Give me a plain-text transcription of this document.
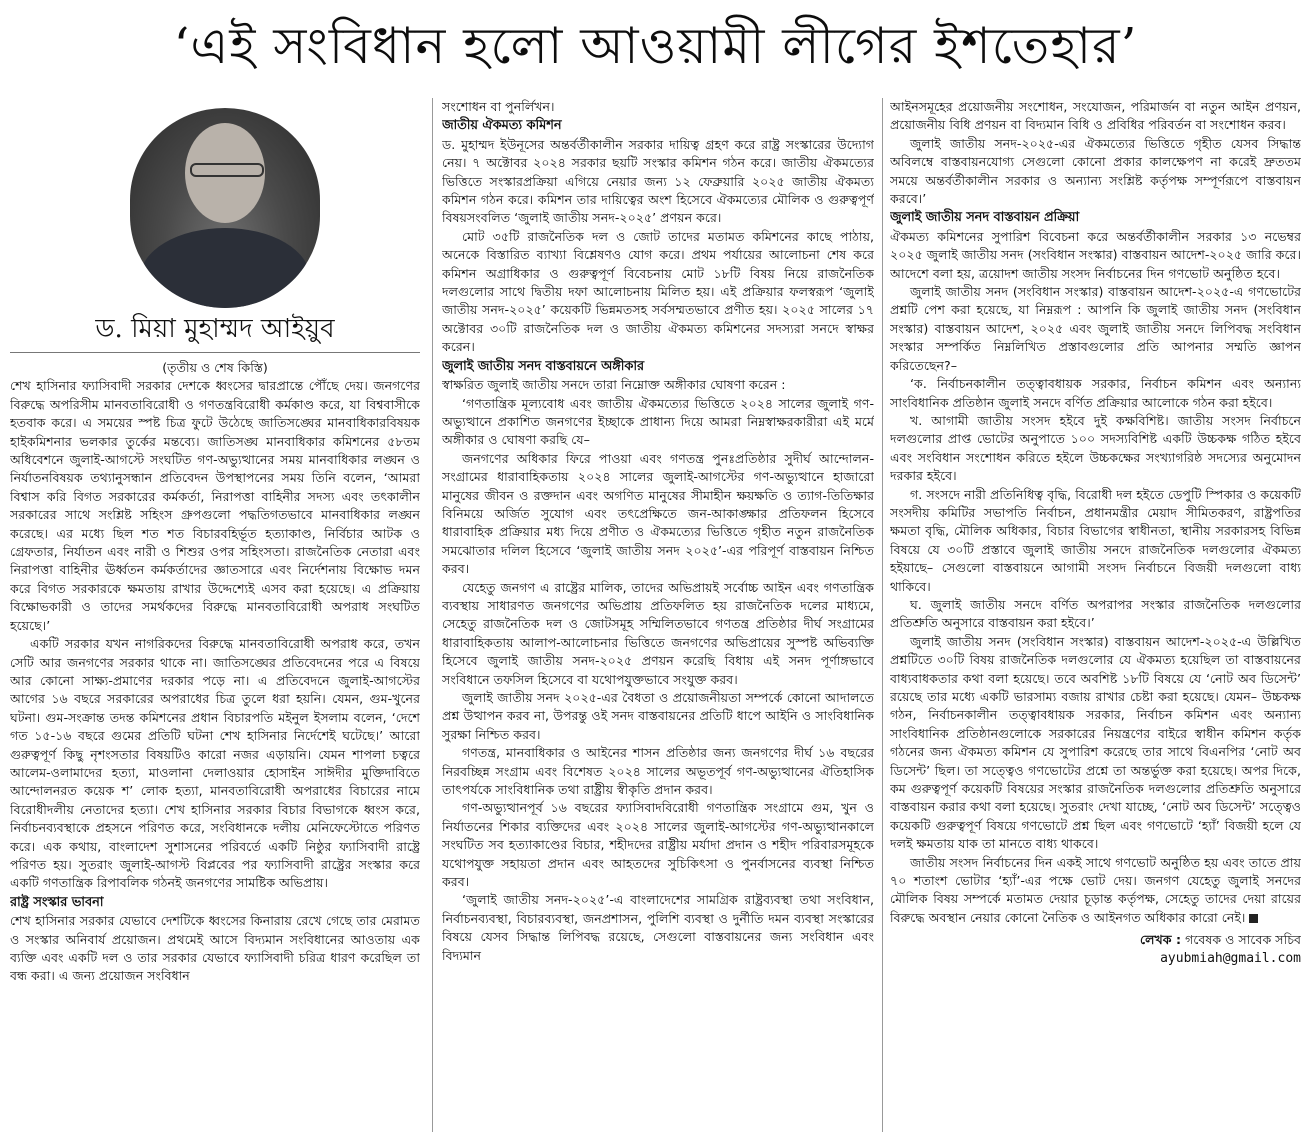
‘এই সংবিধান হলো আওয়ামী লীগের ইশতেহার’
ড. মিয়া মুহাম্মদ আইয়ুব
(তৃতীয় ও শেষ কিস্তি)

শেখ হাসিনার ফ্যাসিবাদী সরকার দেশকে ধ্বংসের দ্বারপ্রান্তে পৌঁছে দেয়। জনগণের বিরুদ্ধে অপরিসীম মানবতাবিরোধী ও গণতন্ত্রবিরোধী কর্মকাণ্ড করে, যা বিশ্ববাসীকে হতবাক করে। এ সময়ের স্পষ্ট চিত্র ফুটে উঠেছে জাতিসঙ্ঘের মানবাধিকারবিষয়ক হাইকমিশনার ভলকার তুর্কের মন্তব্যে। জাতিসঙ্ঘ মানবাধিকার কমিশনের ৫৮তম অধিবেশনে জুলাই-আগস্টে সংঘটিত গণ-অভ্যুত্থানের সময় মানবাধিকার লঙ্ঘন ও নির্যাতনবিষয়ক তথ্যানুসন্ধান প্রতিবেদন উপস্থাপনের সময় তিনি বলেন, ‘আমরা বিশ্বাস করি বিগত সরকারের কর্মকর্তা, নিরাপত্তা বাহিনীর সদস্য এবং তৎকালীন সরকারের সাথে সংশ্লিষ্ট সহিংস গ্রুপগুলো পদ্ধতিগতভাবে মানবাধিকার লঙ্ঘন করেছে। এর মধ্যে ছিল শত শত বিচারবহির্ভূত হত্যাকাণ্ড, নির্বিচার আটক ও গ্রেফতার, নির্যাতন এবং নারী ও শিশুর ওপর সহিংসতা। রাজনৈতিক নেতারা এবং নিরাপত্তা বাহিনীর ঊর্ধ্বতন কর্মকর্তাদের জ্ঞাতসারে এবং নির্দেশনায় বিক্ষোভ দমন করে বিগত সরকারকে ক্ষমতায় রাখার উদ্দেশ্যেই এসব করা হয়েছে। এ প্রক্রিয়ায় বিক্ষোভকারী ও তাদের সমর্থকদের বিরুদ্ধে মানবতাবিরোধী অপরাধ সংঘটিত হয়েছে।’

একটি সরকার যখন নাগরিকদের বিরুদ্ধে মানবতাবিরোধী অপরাধ করে, তখন সেটি আর জনগণের সরকার থাকে না। জাতিসঙ্ঘের প্রতিবেদনের পরে এ বিষয়ে আর কোনো সাক্ষ্য-প্রমাণের দরকার পড়ে না। এ প্রতিবেদনে জুলাই-আগস্টের আগের ১৬ বছরে সরকারের অপরাধের চিত্র তুলে ধরা হয়নি। যেমন, গুম-খুনের ঘটনা। গুম-সংক্রান্ত তদন্ত কমিশনের প্রধান বিচারপতি মইনুল ইসলাম বলেন, ‘দেশে গত ১৫-১৬ বছরে গুমের প্রতিটি ঘটনা শেখ হাসিনার নির্দেশেই ঘটেছে।’ আরো গুরুত্বপূর্ণ কিছু নৃশংসতার বিষয়টিও কারো নজর এড়ায়নি। যেমন শাপলা চত্বরে আলেম-ওলামাদের হত্যা, মাওলানা দেলাওয়ার হোসাইন সাঈদীর মুক্তিদাবিতে আন্দোলনরত কয়েক শ’ লোক হত্যা, মানবতাবিরোধী অপরাধের বিচারের নামে বিরোধীদলীয় নেতাদের হত্যা। শেখ হাসিনার সরকার বিচার বিভাগকে ধ্বংস করে, নির্বাচনব্যবস্থাকে প্রহসনে পরিণত করে, সংবিধানকে দলীয় মেনিফেস্টোতে পরিণত করে। এক কথায়, বাংলাদেশ সুশাসনের পরিবর্তে একটি নিষ্ঠুর ফ্যাসিবাদী রাষ্ট্রে পরিণত হয়। সুতরাং জুলাই-আগস্ট বিপ্লবের পর ফ্যাসিবাদী রাষ্ট্রের সংস্কার করে একটি গণতান্ত্রিক রিপাবলিক গঠনই জনগণের সামষ্টিক অভিপ্রায়।

রাষ্ট্র সংস্কার ভাবনা

শেখ হাসিনার সরকার যেভাবে দেশটিকে ধ্বংসের কিনারায় রেখে গেছে তার মেরামত ও সংস্কার অনিবার্য প্রয়োজন। প্রথমেই আসে বিদ্যমান সংবিধানের আওতায় এক ব্যক্তি এবং একটি দল ও তার সরকার যেভাবে ফ্যাসিবাদী চরিত্র ধারণ করেছিল তা বন্ধ করা। এ জন্য প্রয়োজন সংবিধান

সংশোধন বা পুনর্লিখন।

জাতীয় ঐকমত্য কমিশন

ড. মুহাম্মদ ইউনূসের অন্তর্বর্তীকালীন সরকার দায়িত্ব গ্রহণ করে রাষ্ট্র সংস্কারের উদ্যোগ নেয়। ৭ অক্টোবর ২০২৪ সরকার ছয়টি সংস্কার কমিশন গঠন করে। জাতীয় ঐকমত্যের ভিত্তিতে সংস্কারপ্রক্রিয়া এগিয়ে নেয়ার জন্য ১২ ফেব্রুয়ারি ২০২৫ জাতীয় ঐকমত্য কমিশন গঠন করে। কমিশন তার দায়িত্বের অংশ হিসেবে ঐকমত্যের মৌলিক ও গুরুত্বপূর্ণ বিষয়সংবলিত ‘জুলাই জাতীয় সনদ-২০২৫’ প্রণয়ন করে।

মোট ৩৫টি রাজনৈতিক দল ও জোট তাদের মতামত কমিশনের কাছে পাঠায়, অনেকে বিস্তারিত ব্যাখ্যা বিশ্লেষণও যোগ করে। প্রথম পর্যায়ের আলোচনা শেষ করে কমিশন অগ্রাধিকার ও গুরুত্বপূর্ণ বিবেচনায় মোট ১৮টি বিষয় নিয়ে রাজনৈতিক দলগুলোর সাথে দ্বিতীয় দফা আলোচনায় মিলিত হয়। এই প্রক্রিয়ার ফলস্বরূপ ‘জুলাই জাতীয় সনদ-২০২৫’ কয়েকটি ভিন্নমতসহ সর্বসম্মতভাবে প্রণীত হয়। ২০২৫ সালের ১৭ অক্টোবর ৩০টি রাজনৈতিক দল ও জাতীয় ঐকমত্য কমিশনের সদস্যরা সনদে স্বাক্ষর করেন।

জুলাই জাতীয় সনদ বাস্তবায়নে অঙ্গীকার

স্বাক্ষরিত জুলাই জাতীয় সনদে তারা নিম্নোক্ত অঙ্গীকার ঘোষণা করেন :

‘গণতান্ত্রিক মূল্যবোধ এবং জাতীয় ঐকমত্যের ভিত্তিতে ২০২৪ সালের জুলাই গণ-অভ্যুত্থানে প্রকাশিত জনগণের ইচ্ছাকে প্রাধান্য দিয়ে আমরা নিম্নস্বাক্ষরকারীরা এই মর্মে অঙ্গীকার ও ঘোষণা করছি যে–

জনগণের অধিকার ফিরে পাওয়া এবং গণতন্ত্র পুনঃপ্রতিষ্ঠার সুদীর্ঘ আন্দোলন-সংগ্রামের ধারাবাহিকতায় ২০২৪ সালের জুলাই-আগস্টের গণ-অভ্যুত্থানে হাজারো মানুষের জীবন ও রক্তদান এবং অগণিত মানুষের সীমাহীন ক্ষয়ক্ষতি ও ত্যাগ-তিতিক্ষার বিনিময়ে অর্জিত সুযোগ এবং তৎপ্রেক্ষিতে জন-আকাঙ্ক্ষার প্রতিফলন হিসেবে ধারাবাহিক প্রক্রিয়ার মধ্য দিয়ে প্রণীত ও ঐকমত্যের ভিত্তিতে গৃহীত নতুন রাজনৈতিক সমঝোতার দলিল হিসেবে ‘জুলাই জাতীয় সনদ ২০২৫’-এর পরিপূর্ণ বাস্তবায়ন নিশ্চিত করব।

যেহেতু জনগণ এ রাষ্ট্রের মালিক, তাদের অভিপ্রায়ই সর্বোচ্চ আইন এবং গণতান্ত্রিক ব্যবস্থায় সাধারণত জনগণের অভিপ্রায় প্রতিফলিত হয় রাজনৈতিক দলের মাধ্যমে, সেহেতু রাজনৈতিক দল ও জোটসমূহ সম্মিলিতভাবে গণতন্ত্র প্রতিষ্ঠার দীর্ঘ সংগ্রামের ধারাবাহিকতায় আলাপ-আলোচনার ভিত্তিতে জনগণের অভিপ্রায়ের সুস্পষ্ট অভিব্যক্তি হিসেবে জুলাই জাতীয় সনদ-২০২৫ প্রণয়ন করেছি বিধায় এই সনদ পূর্ণাঙ্গভাবে সংবিধানে তফসিল হিসেবে বা যথোপযুক্তভাবে সংযুক্ত করব।

জুলাই জাতীয় সনদ ২০২৫-এর বৈধতা ও প্রয়োজনীয়তা সম্পর্কে কোনো আদালতে প্রশ্ন উত্থাপন করব না, উপরন্তু ওই সনদ বাস্তবায়নের প্রতিটি ধাপে আইনি ও সাংবিধানিক সুরক্ষা নিশ্চিত করব।

গণতন্ত্র, মানবাধিকার ও আইনের শাসন প্রতিষ্ঠার জন্য জনগণের দীর্ঘ ১৬ বছরের নিরবচ্ছিন্ন সংগ্রাম এবং বিশেষত ২০২৪ সালের অভূতপূর্ব গণ-অভ্যুত্থানের ঐতিহাসিক তাৎপর্যকে সাংবিধানিক তথা রাষ্ট্রীয় স্বীকৃতি প্রদান করব।

গণ-অভ্যুত্থানপূর্ব ১৬ বছরের ফ্যাসিবাদবিরোধী গণতান্ত্রিক সংগ্রামে গুম, খুন ও নির্যাতনের শিকার ব্যক্তিদের এবং ২০২৪ সালের জুলাই-আগস্টের গণ-অভ্যুত্থানকালে সংঘটিত সব হত্যাকাণ্ডের বিচার, শহীদদের রাষ্ট্রীয় মর্যাদা প্রদান ও শহীদ পরিবারসমূহকে যথোপযুক্ত সহায়তা প্রদান এবং আহতদের সুচিকিৎসা ও পুনর্বাসনের ব্যবস্থা নিশ্চিত করব।

‘জুলাই জাতীয় সনদ-২০২৫’-এ বাংলাদেশের সামগ্রিক রাষ্ট্রব্যবস্থা তথা সংবিধান, নির্বাচনব্যবস্থা, বিচারব্যবস্থা, জনপ্রশাসন, পুলিশি ব্যবস্থা ও দুর্নীতি দমন ব্যবস্থা সংস্কারের বিষয়ে যেসব সিদ্ধান্ত লিপিবদ্ধ রয়েছে, সেগুলো বাস্তবায়নের জন্য সংবিধান এবং বিদ্যমান

আইনসমূহের প্রয়োজনীয় সংশোধন, সংযোজন, পরিমার্জন বা নতুন আইন প্রণয়ন, প্রয়োজনীয় বিধি প্রণয়ন বা বিদ্যমান বিধি ও প্রবিধির পরিবর্তন বা সংশোধন করব।

জুলাই জাতীয় সনদ-২০২৫-এর ঐকমত্যের ভিত্তিতে গৃহীত যেসব সিদ্ধান্ত অবিলম্বে বাস্তবায়নযোগ্য সেগুলো কোনো প্রকার কালক্ষেপণ না করেই দ্রুততম সময়ে অন্তর্বর্তীকালীন সরকার ও অন্যান্য সংশ্লিষ্ট কর্তৃপক্ষ সম্পূর্ণরূপে বাস্তবায়ন করবে।’

জুলাই জাতীয় সনদ বাস্তবায়ন প্রক্রিয়া

ঐকমত্য কমিশনের সুপারিশ বিবেচনা করে অন্তর্বর্তীকালীন সরকার ১৩ নভেম্বর ২০২৫ জুলাই জাতীয় সনদ (সংবিধান সংস্কার) বাস্তবায়ন আদেশ-২০২৫ জারি করে। আদেশে বলা হয়, ত্রয়োদশ জাতীয় সংসদ নির্বাচনের দিন গণভোট অনুষ্ঠিত হবে।

জুলাই জাতীয় সনদ (সংবিধান সংস্কার) বাস্তবায়ন আদেশ-২০২৫-এ গণভোটের প্রশ্নটি পেশ করা হয়েছে, যা নিম্নরূপ : আপনি কি জুলাই জাতীয় সনদ (সংবিধান সংস্কার) বাস্তবায়ন আদেশ, ২০২৫ এবং জুলাই জাতীয় সনদে লিপিবদ্ধ সংবিধান সংস্কার সম্পর্কিত নিম্নলিখিত প্রস্তাবগুলোর প্রতি আপনার সম্মতি জ্ঞাপন করিতেছেন?–

‘ক. নির্বাচনকালীন তত্ত্বাবধায়ক সরকার, নির্বাচন কমিশন এবং অন্যান্য সাংবিধানিক প্রতিষ্ঠান জুলাই সনদে বর্ণিত প্রক্রিয়ার আলোকে গঠন করা হইবে।

খ. আগামী জাতীয় সংসদ হইবে দুই কক্ষবিশিষ্ট। জাতীয় সংসদ নির্বাচনে দলগুলোর প্রাপ্ত ভোটের অনুপাতে ১০০ সদস্যবিশিষ্ট একটি উচ্চকক্ষ গঠিত হইবে এবং সংবিধান সংশোধন করিতে হইলে উচ্চকক্ষের সংখ্যাগরিষ্ঠ সদস্যের অনুমোদন দরকার হইবে।

গ. সংসদে নারী প্রতিনিধিত্ব বৃদ্ধি, বিরোধী দল হইতে ডেপুটি স্পিকার ও কয়েকটি সংসদীয় কমিটির সভাপতি নির্বাচন, প্রধানমন্ত্রীর মেয়াদ সীমিতকরণ, রাষ্ট্রপতির ক্ষমতা বৃদ্ধি, মৌলিক অধিকার, বিচার বিভাগের স্বাধীনতা, স্থানীয় সরকারসহ বিভিন্ন বিষয়ে যে ৩০টি প্রস্তাবে জুলাই জাতীয় সনদে রাজনৈতিক দলগুলোর ঐকমত্য হইয়াছে– সেগুলো বাস্তবায়নে আগামী সংসদ নির্বাচনে বিজয়ী দলগুলো বাধ্য থাকিবে।

ঘ. জুলাই জাতীয় সনদে বর্ণিত অপরাপর সংস্কার রাজনৈতিক দলগুলোর প্রতিশ্রুতি অনুসারে বাস্তবায়ন করা হইবে।’

জুলাই জাতীয় সনদ (সংবিধান সংস্কার) বাস্তবায়ন আদেশ-২০২৫-এ উল্লিখিত প্রশ্নটিতে ৩০টি বিষয় রাজনৈতিক দলগুলোর যে ঐকমত্য হয়েছিল তা বাস্তবায়নের বাধ্যবাধকতার কথা বলা হয়েছে। তবে অবশিষ্ট ১৮টি বিষয়ে যে ‘নোট অব ডিসেন্ট’ রয়েছে তার মধ্যে একটি ভারসাম্য বজায় রাখার চেষ্টা করা হয়েছে। যেমন– উচ্চকক্ষ গঠন, নির্বাচনকালীন তত্ত্বাবধায়ক সরকার, নির্বাচন কমিশন এবং অন্যান্য সাংবিধানিক প্রতিষ্ঠানগুলোকে সরকারের নিয়ন্ত্রণের বাইরে স্বাধীন কমিশন কর্তৃক গঠনের জন্য ঐকমত্য কমিশন যে সুপারিশ করেছে তার সাথে বিএনপির ‘নোট অব ডিসেন্ট’ ছিল। তা সত্ত্বেও গণভোটের প্রশ্নে তা অন্তর্ভুক্ত করা হয়েছে। অপর দিকে, কম গুরুত্বপূর্ণ কয়েকটি বিষয়ের সংস্কার রাজনৈতিক দলগুলোর প্রতিশ্রুতি অনুসারে বাস্তবায়ন করার কথা বলা হয়েছে। সুতরাং দেখা যাচ্ছে, ‘নোট অব ডিসেন্ট’ সত্ত্বেও কয়েকটি গুরুত্বপূর্ণ বিষয়ে গণভোটে প্রশ্ন ছিল এবং গণভোটে ‘হ্যাঁ’ বিজয়ী হলে যে দলই ক্ষমতায় যাক তা মানতে বাধ্য থাকবে।

জাতীয় সংসদ নির্বাচনের দিন একই সাথে গণভোট অনুষ্ঠিত হয় এবং তাতে প্রায় ৭০ শতাংশ ভোটার ‘হ্যাঁ’-এর পক্ষে ভোট দেয়। জনগণ যেহেতু জুলাই সনদের মৌলিক বিষয় সম্পর্কে মতামত দেয়ার চূড়ান্ত কর্তৃপক্ষ, সেহেতু তাদের দেয়া রায়ের বিরুদ্ধে অবস্থান নেয়ার কোনো নৈতিক ও আইনগত অধিকার কারো নেই।

লেখক : গবেষক ও সাবেক সচিব
ayubmiah@gmail.com
